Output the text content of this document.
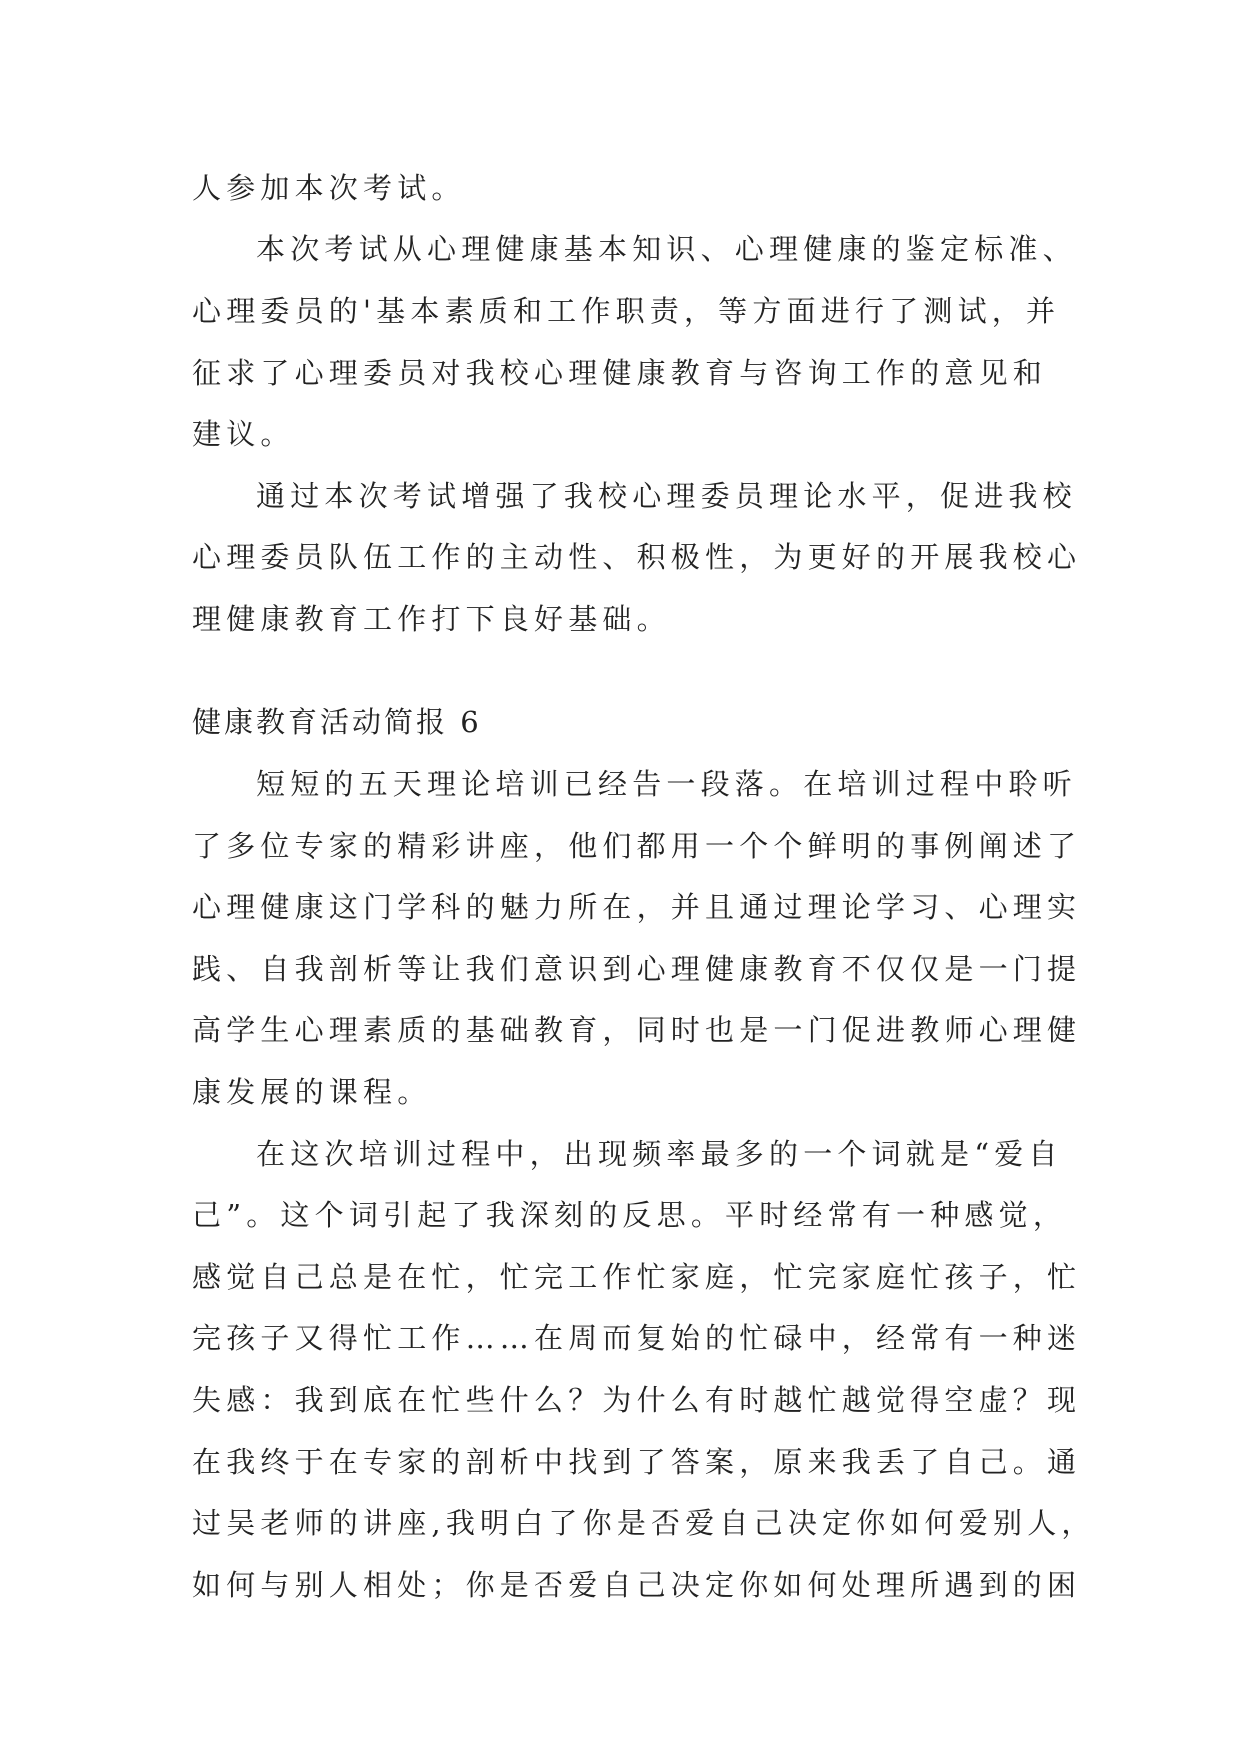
人参加本次考试。
本次考试从心理健康基本知识、心理健康的鉴定标准、
心理委员的'基本素质和工作职责，等方面进行了测试，并
征求了心理委员对我校心理健康教育与咨询工作的意见和
建议。
通过本次考试增强了我校心理委员理论水平，促进我校
心理委员队伍工作的主动性、积极性，为更好的开展我校心
理健康教育工作打下良好基础。
健康教育活动简报 6
短短的五天理论培训已经告一段落。在培训过程中聆听
了多位专家的精彩讲座，他们都用一个个鲜明的事例阐述了
心理健康这门学科的魅力所在，并且通过理论学习、心理实
践、自我剖析等让我们意识到心理健康教育不仅仅是一门提
高学生心理素质的基础教育，同时也是一门促进教师心理健
康发展的课程。
在这次培训过程中，出现频率最多的一个词就是“爱自
己”。这个词引起了我深刻的反思。平时经常有一种感觉，
感觉自己总是在忙，忙完工作忙家庭，忙完家庭忙孩子，忙
完孩子又得忙工作……在周而复始的忙碌中，经常有一种迷
失感：我到底在忙些什么？为什么有时越忙越觉得空虚？现
在我终于在专家的剖析中找到了答案，原来我丢了自己。通
过吴老师的讲座,我明白了你是否爱自己决定你如何爱别人，
如何与别人相处；你是否爱自己决定你如何处理所遇到的困
